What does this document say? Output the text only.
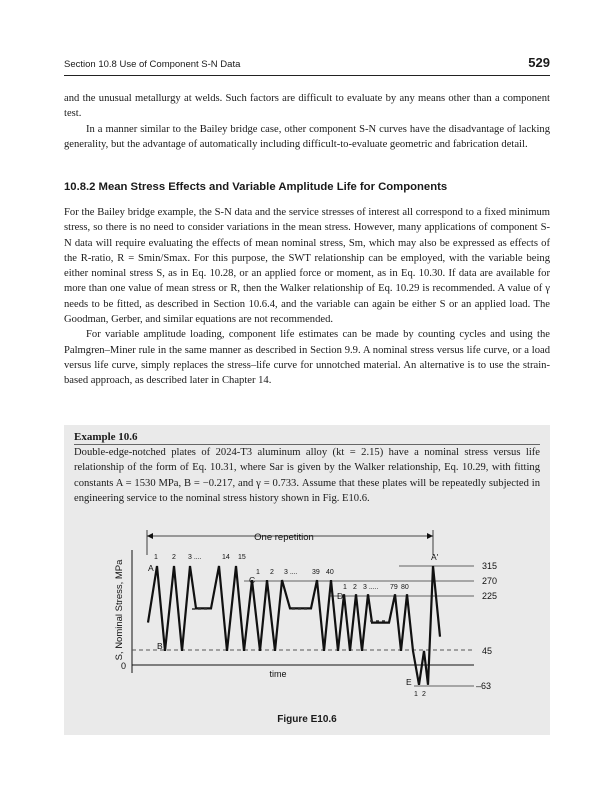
Section 10.8 Use of Component S-N Data	529

and the unusual metallurgy at welds. Such factors are difficult to evaluate by any means other than a component test.

In a manner similar to the Bailey bridge case, other component S-N curves have the disadvantage of lacking generality, but the advantage of automatically including difficult-to-evaluate geometric and fabrication detail.

10.8.2 Mean Stress Effects and Variable Amplitude Life for Components

For the Bailey bridge example, the S-N data and the service stresses of interest all correspond to a fixed minimum stress, so there is no need to consider variations in the mean stress. However, many applications of component S-N data will require evaluating the effects of mean nominal stress, Sm, which may also be expressed as effects of the R-ratio, R = Smin/Smax. For this purpose, the SWT relationship can be employed, with the variable being either nominal stress S, as in Eq. 10.28, or an applied force or moment, as in Eq. 10.30. If data are available for more than one value of mean stress or R, then the Walker relationship of Eq. 10.29 is recommended. A value of γ needs to be fitted, as described in Section 10.6.4, and the variable can again be either S or an applied load. The Goodman, Gerber, and similar equations are not recommended.

For variable amplitude loading, component life estimates can be made by counting cycles and using the Palmgren–Miner rule in the same manner as described in Section 9.9. A nominal stress versus life curve, or a load versus life curve, simply replaces the stress–life curve for unnotched material. An alternative is to use the strain-based approach, as described later in Chapter 14.

Example 10.6

Double-edge-notched plates of 2024-T3 aluminum alloy (kt = 2.15) have a nominal stress versus life relationship of the form of Eq. 10.31, where Sar is given by the Walker relationship, Eq. 10.29, with fitting constants A = 1530 MPa, B = −0.217, and γ = 0.733. Assume that these plates will be repeatedly subjected in engineering service to the nominal stress history shown in Fig. E10.6.

One repetition
315
270
225
45
–63
A
B
C
D
E
A'
1 2 3 ....	14 15
1 2 3 .... 39 40
1 2 3 ..... 79 80
1 2
0
time
S, Nominal Stress, MPa
Figure E10.6
